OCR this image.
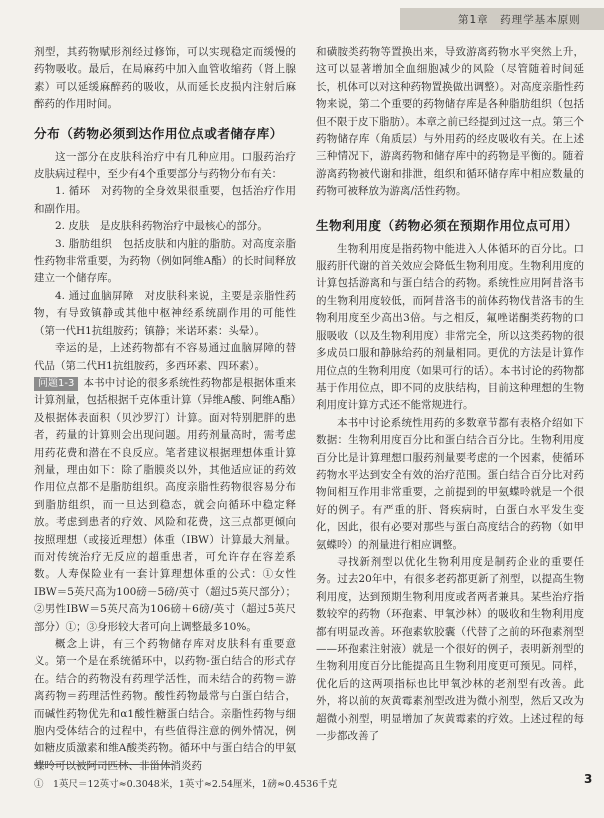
第1章　药理学基本原则

剂型，其药物赋形剂经过修饰，可以实现稳定而缓慢的药物吸收。最后，在局麻药中加入血管收缩药（肾上腺素）可以延缓麻醉药的吸收，从而延长皮损内注射后麻醉药的作用时间。

分布（药物必须到达作用位点或者储存库）

这一部分在皮肤科治疗中有几种应用。口服药治疗皮肤病过程中，至少有4个重要部分与药物分布有关：

1. 循环　对药物的全身效果很重要，包括治疗作用和副作用。

2. 皮肤　是皮肤科药物治疗中最核心的部分。

3. 脂肪组织　包括皮肤和内脏的脂肪。对高度亲脂性药物非常重要，为药物（例如阿维A酯）的长时间释放建立一个储存库。

4. 通过血脑屏障　对皮肤科来说，主要是亲脂性药物，有导致镇静或其他中枢神经系统副作用的可能性（第一代H1抗组胺药；镇静；米诺环素：头晕）。

幸运的是，上述药物都有不容易通过血脑屏障的替代品（第二代H1抗组胺药，多西环素、四环素）。

问题1-3 本书中讨论的很多系统性药物都是根据体重来计算剂量，包括根据千克体重计算（异维A酸、阿维A酯）及根据体表面积（贝沙罗汀）计算。面对特别肥胖的患者，药量的计算则会出现问题。用药剂量高时，需考虑用药花费和潜在不良反应。笔者建议根据理想体重计算剂量，理由如下：除了脂膜炎以外，其他适应证的药效作用位点都不是脂肪组织。高度亲脂性药物很容易分布到脂肪组织，而一旦达到稳态，就会向循环中稳定释放。考虑到患者的疗效、风险和花费，这三点都更倾向按照理想（或接近理想）体重（IBW）计算最大剂量。而对传统治疗无反应的超重患者，可允许存在容差系数。人寿保险业有一套计算理想体重的公式：①女性IBW＝5英尺高为100磅－5磅/英寸（超过5英尺部分）；②男性IBW＝5英尺高为106磅＋6磅/英寸（超过5英尺部分）①；③身形较大者可向上调整最多10%。

概念上讲，有三个药物储存库对皮肤科有重要意义。第一个是在系统循环中，以药物-蛋白结合的形式存在。结合的药物没有药理学活性，而未结合的药物＝游离药物＝药理活性药物。酸性药物最常与白蛋白结合，而碱性药物优先和α1酸性糖蛋白结合。亲脂性药物与细胞内受体结合的过程中，有些值得注意的例外情况，例如糖皮质激素和维A酸类药物。循环中与蛋白结合的甲氨蝶呤可以被阿司匹林、非甾体消炎药

和磺胺类药物等置换出来，导致游离药物水平突然上升，这可以显著增加全血细胞减少的风险（尽管随着时间延长，机体可以对这种药物置换做出调整）。对高度亲脂性药物来说，第二个重要的药物储存库是各种脂肪组织（包括但不限于皮下脂肪）。本章之前已经提到过这一点。第三个药物储存库（角质层）与外用药的经皮吸收有关。在上述三种情况下，游离药物和储存库中的药物是平衡的。随着游离药物被代谢和排泄，组织和循环储存库中相应数量的药物可被释放为游离/活性药物。

生物利用度（药物必须在预期作用位点可用）

生物利用度是指药物中能进入人体循环的百分比。口服药肝代谢的首关效应会降低生物利用度。生物利用度的计算包括游离和与蛋白结合的药物。系统性应用阿昔洛韦的生物利用度较低，而阿昔洛韦的前体药物伐昔洛韦的生物利用度至少高出3倍。与之相反，氟唑诺酮类药物的口服吸收（以及生物利用度）非常完全，所以这类药物的很多成员口服和静脉给药的剂量相同。更优的方法是计算作用位点的生物利用度（如果可行的话）。本书讨论的药物都基于作用位点，即不同的皮肤结构，目前这种理想的生物利用度计算方式还不能常规进行。

本书中讨论系统性用药的多数章节都有表格介绍如下数据：生物利用度百分比和蛋白结合百分比。生物利用度百分比是计算理想口服药剂量要考虑的一个因素，使循环药物水平达到安全有效的治疗范围。蛋白结合百分比对药物间相互作用非常重要，之前提到的甲氨蝶呤就是一个很好的例子。有严重的肝、肾疾病时，白蛋白水平发生变化，因此，很有必要对那些与蛋白高度结合的药物（如甲氨蝶呤）的剂量进行相应调整。

寻找新剂型以优化生物利用度是制药企业的重要任务。过去20年中，有很多老药都更新了剂型，以提高生物利用度，达到预期生物利用度或者两者兼具。某些治疗指数较窄的药物（环孢素、甲氧沙林）的吸收和生物利用度都有明显改善。环孢素软胶囊（代替了之前的环孢素剂型——环孢素注射液）就是一个很好的例子，表明新剂型的生物利用度百分比能提高且生物利用度更可预见。同样，优化后的这两项指标也比甲氧沙林的老剂型有改善。此外，将以前的灰黄霉素剂型改进为微小剂型，然后又改为超微小剂型，明显增加了灰黄霉素的疗效。上述过程的每一步都改善了

①　1英尺＝12英寸≈0.3048米，1英寸≈2.54厘米，1磅≈0.4536千克	3
